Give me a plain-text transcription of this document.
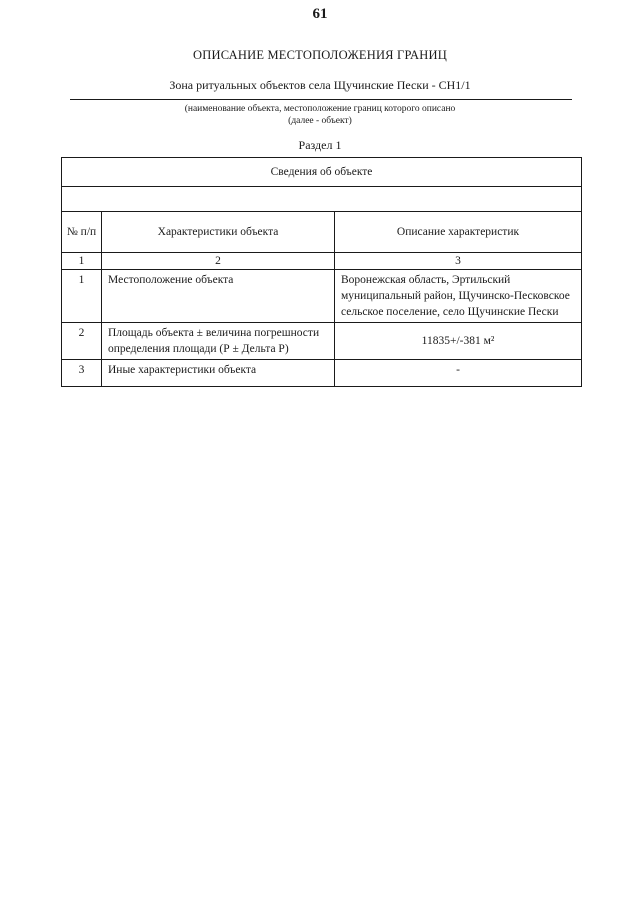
61
ОПИСАНИЕ МЕСТОПОЛОЖЕНИЯ ГРАНИЦ
Зона ритуальных объектов села Щучинские Пески - СН1/1
(наименование объекта, местоположение границ которого описано
(далее - объект)
Раздел 1
Сведения об объекте		

№ п/п	Характеристики объекта	Описание характеристик
1	2	3
1	Местоположение объекта	Воронежская область, Эртильский муниципальный район, Щучинско-Песковское сельское поселение, село Щучинские Пески
2	Площадь объекта ± величина погрешности определения площади (Р ± Дельта Р)	11835+/-381 м²
3	Иные характеристики объекта	-
